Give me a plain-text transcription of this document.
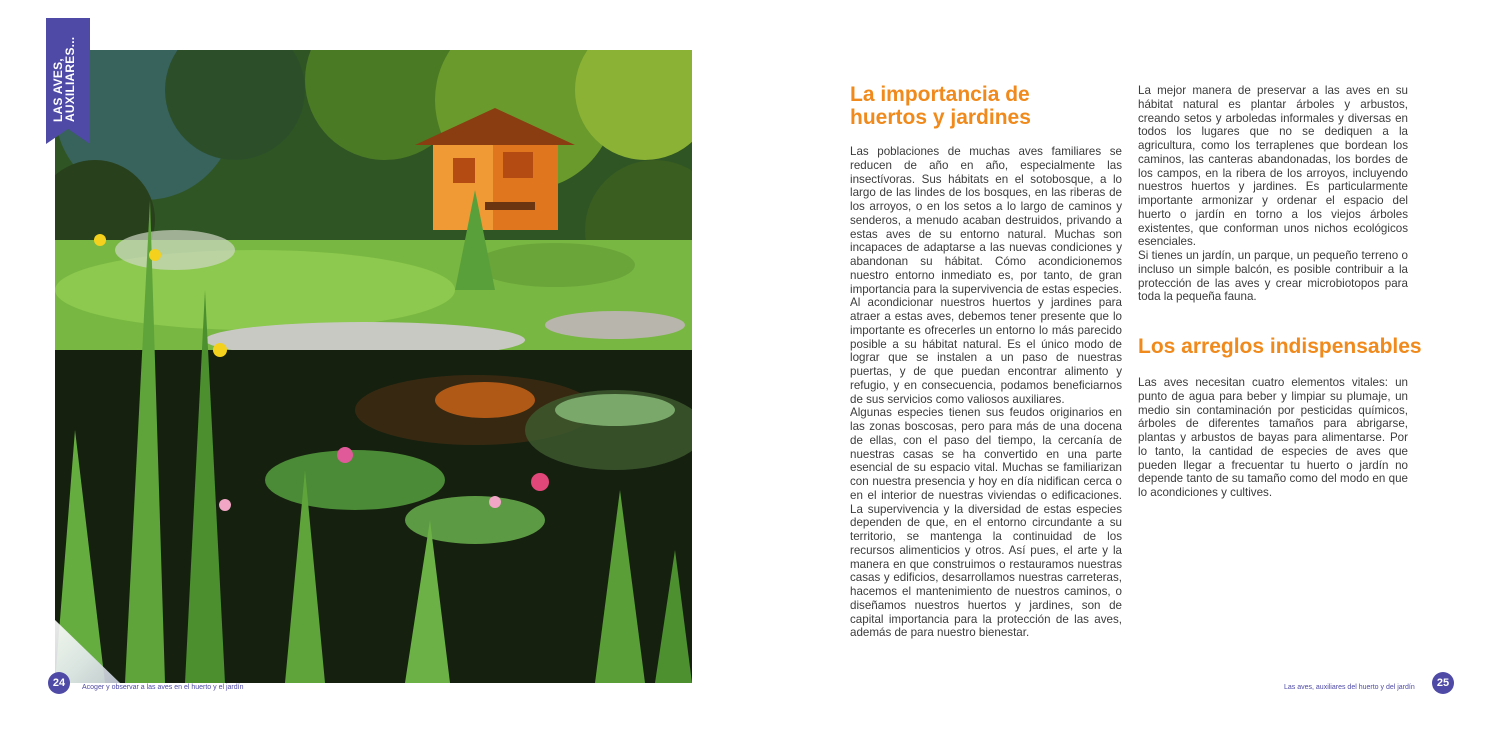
LAS AVES,
AUXILIARES...	La importancia de huertos y jardines

Las poblaciones de muchas aves familiares se reducen de año en año, especialmente las insectívoras. Sus hábitats en el sotobosque, a lo largo de las lindes de los bosques, en las riberas de los arroyos, o en los setos a lo largo de caminos y senderos, a menudo acaban destruidos, privando a estas aves de su entorno natural. Muchas son incapaces de adaptarse a las nuevas condiciones y abandonan su hábitat. Cómo acondicionemos nuestro entorno inmediato es, por tanto, de gran importancia para la supervivencia de estas especies.

Al acondicionar nuestros huertos y jardines para atraer a estas aves, debemos tener presente que lo importante es ofrecerles un entorno lo más parecido posible a su hábitat natural. Es el único modo de lograr que se instalen a un paso de nuestras puertas, y de que puedan encontrar alimento y refugio, y en consecuencia, podamos beneficiarnos de sus servicios como valiosos auxiliares.

Algunas especies tienen sus feudos originarios en las zonas boscosas, pero para más de una docena de ellas, con el paso del tiempo, la cercanía de nuestras casas se ha convertido en una parte esencial de su espacio vital. Muchas se familiarizan con nuestra presencia y hoy en día nidifican cerca o en el interior de nuestras viviendas o edificaciones. La supervivencia y la diversidad de estas especies dependen de que, en el entorno circundante a su territorio, se mantenga la continuidad de los recursos alimenticios y otros. Así pues, el arte y la manera en que construimos o restauramos nuestras casas y edificios, desarrollamos nuestras carreteras, hacemos el mantenimiento de nuestros caminos, o diseñamos nuestros huertos y jardines, son de capital importancia para la protección de las aves, además de para nuestro bienestar.

La mejor manera de preservar a las aves en su hábitat natural es plantar árboles y arbustos, creando setos y arboledas informales y diversas en todos los lugares que no se dediquen a la agricultura, como los terraplenes que bordean los caminos, las canteras abandonadas, los bordes de los campos, en la ribera de los arroyos, incluyendo nuestros huertos y jardines. Es particularmente importante armonizar y ordenar el espacio del huerto o jardín en torno a los viejos árboles existentes, que conforman unos nichos ecológicos esenciales.

Si tienes un jardín, un parque, un pequeño terreno o incluso un simple balcón, es posible contribuir a la protección de las aves y crear microbiotopos para toda la pequeña fauna.

Los arreglos indispensables

Las aves necesitan cuatro elementos vitales: un punto de agua para beber y limpiar su plumaje, un medio sin contaminación por pesticidas químicos, árboles de diferentes tamaños para abrigarse, plantas y arbustos de bayas para alimentarse. Por lo tanto, la cantidad de especies de aves que pueden llegar a frecuentar tu huerto o jardín no depende tanto de su tamaño como del modo en que lo acondiciones y cultives.

24	Acoger y observar a las aves en el huerto y el jardín	Las aves, auxiliares del huerto y del jardín	25
